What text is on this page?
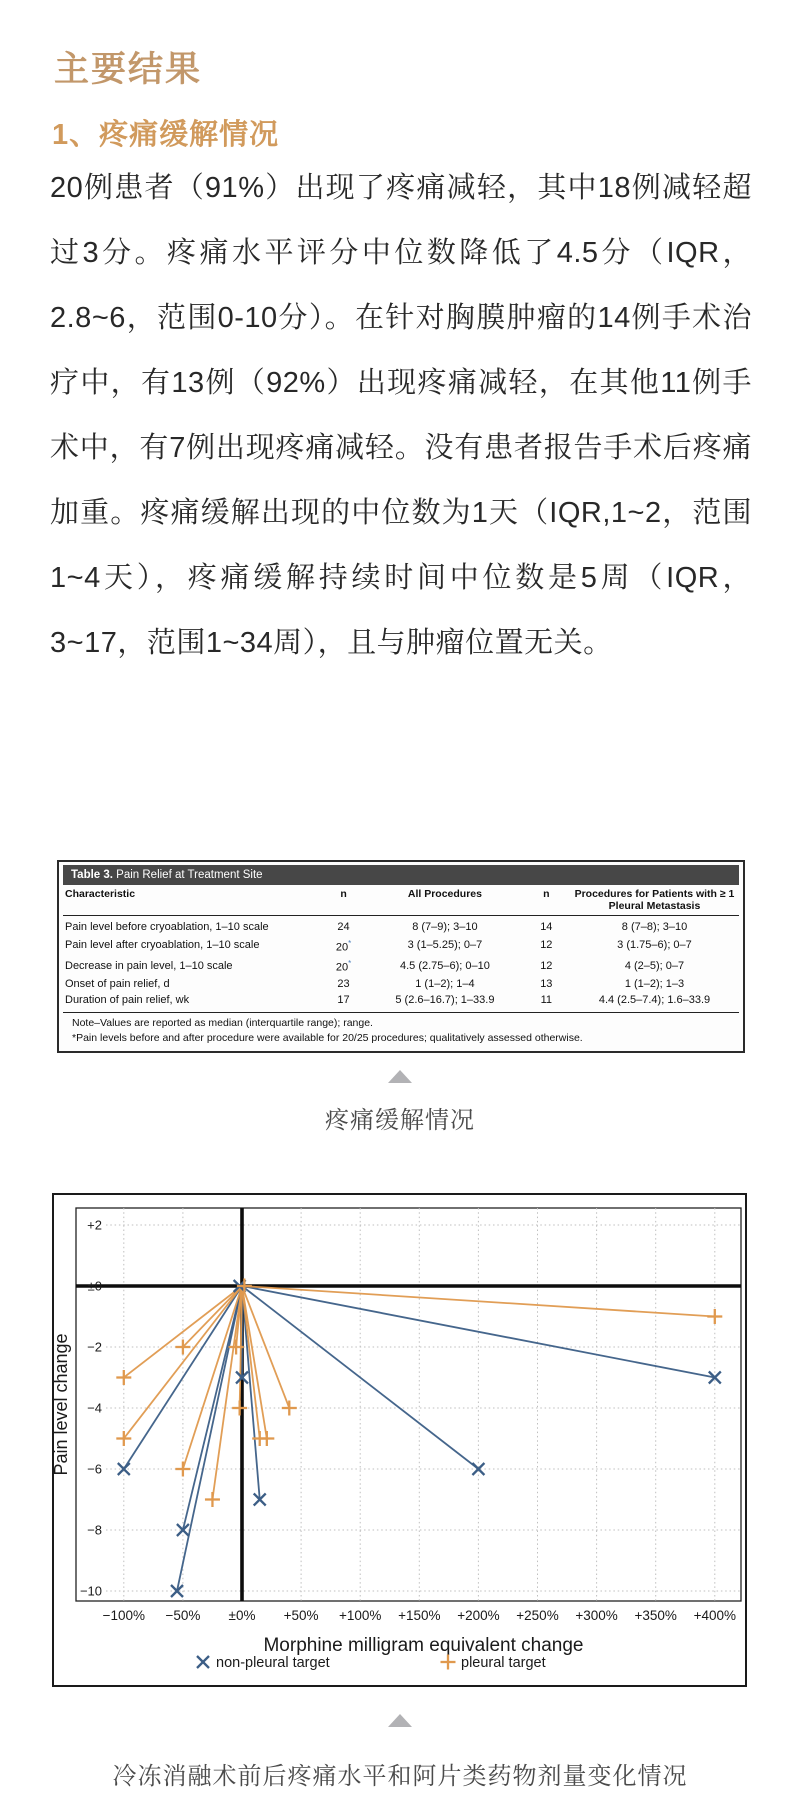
主要结果
1、疼痛缓解情况
20例患者（91%）出现了疼痛减轻，其中18例减轻超过3分。疼痛水平评分中位数降低了4.5分（IQR， 2.8~6，范围0-10分）。在针对胸膜肿瘤的14例手术治疗中，有13例（92%）出现疼痛减轻，在其他11例手术中，有7例出现疼痛减轻。没有患者报告手术后疼痛加重。疼痛缓解出现的中位数为1天（IQR,1~2，范围1~4天），疼痛缓解持续时间中位数是5周（IQR，3~17，范围1~34周），且与肿瘤位置无关。
Table 3. Pain Relief at Treatment Site
Characteristic	n	All Procedures	n	Procedures for Patients with ≥ 1 Pleural Metastasis
Pain level before cryoablation, 1–10 scale	24	8 (7–9); 3–10	14	8 (7–8); 3–10
Pain level after cryoablation, 1–10 scale	20*	3 (1–5.25); 0–7	12	3 (1.75–6); 0–7
Decrease in pain level, 1–10 scale	20*	4.5 (2.75–6); 0–10	12	4 (2–5); 0–7
Onset of pain relief, d	23	1 (1–2); 1–4	13	1 (1–2); 1–3
Duration of pain relief, wk	17	5 (2.6–16.7); 1–33.9	11	4.4 (2.5–7.4); 1.6–33.9
Note–Values are reported as median (interquartile range); range.
*Pain levels before and after procedure were available for 20/25 procedures; qualitatively assessed otherwise.
疼痛缓解情况
+2
±0
−2
−4
−6
−8
−10
−100% −50% ±0% +50% +100% +150% +200% +250% +300% +350% +400%
Morphine milligram equivalent change
Pain level change
non-pleural target	pleural target
冷冻消融术前后疼痛水平和阿片类药物剂量变化情况
